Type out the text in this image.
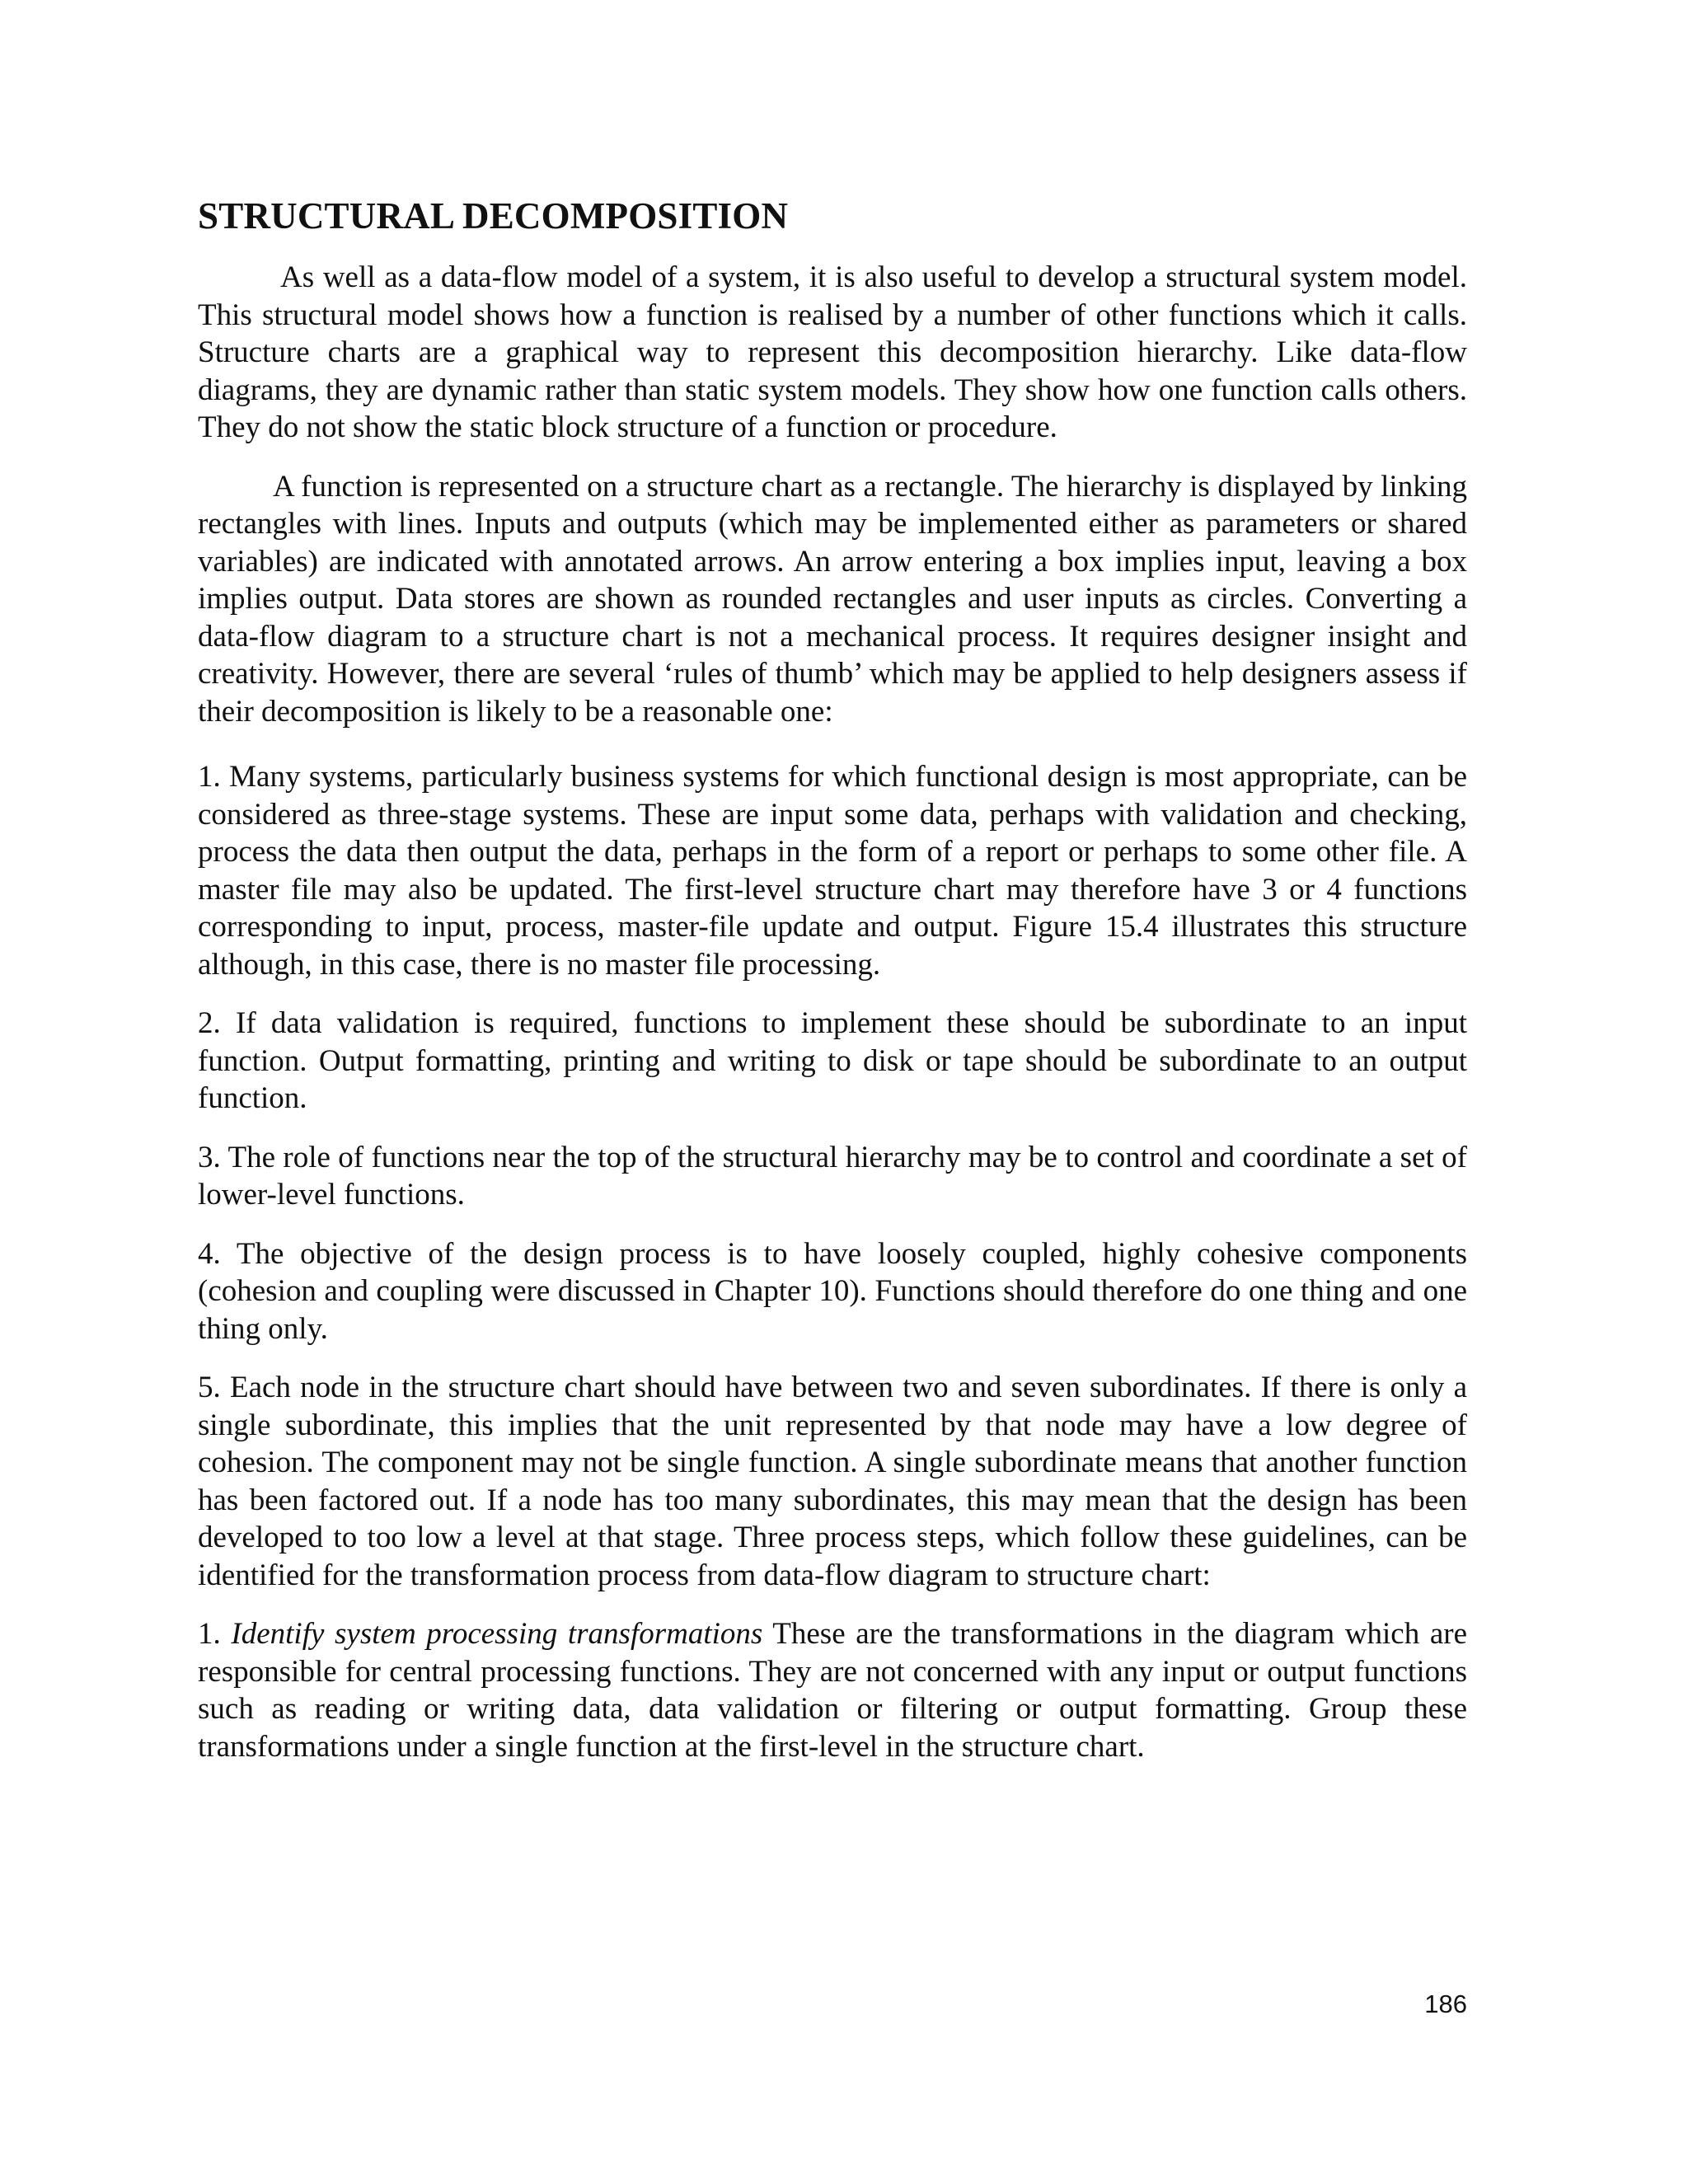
STRUCTURAL DECOMPOSITION

As well as a data-flow model of a system, it is also useful to develop a structural system model. This structural model shows how a function is realised by a number of other functions which it calls. Structure charts are a graphical way to represent this decomposition hierarchy. Like data-flow diagrams, they are dynamic rather than static system models. They show how one function calls others. They do not show the static block structure of a function or procedure.

A function is represented on a structure chart as a rectangle. The hierarchy is displayed by linking rectangles with lines. Inputs and outputs (which may be implemented either as parameters or shared variables) are indicated with annotated arrows. An arrow entering a box implies input, leaving a box implies output. Data stores are shown as rounded rectangles and user inputs as circles. Converting a data-flow diagram to a structure chart is not a mechanical process. It requires designer insight and creativity. However, there are several ‘rules of thumb’ which may be applied to help designers assess if their decomposition is likely to be a reasonable one:

1. Many systems, particularly business systems for which functional design is most appropriate, can be considered as three-stage systems. These are input some data, perhaps with validation and checking, process the data then output the data, perhaps in the form of a report or perhaps to some other file. A master file may also be updated. The first-level structure chart may therefore have 3 or 4 functions corresponding to input, process, master-file update and output. Figure 15.4 illustrates this structure although, in this case, there is no master file processing.

2. If data validation is required, functions to implement these should be subordinate to an input function. Output formatting, printing and writing to disk or tape should be subordinate to an output function.

3. The role of functions near the top of the structural hierarchy may be to control and coordinate a set of lower-level functions.

4. The objective of the design process is to have loosely coupled, highly cohesive components (cohesion and coupling were discussed in Chapter 10). Functions should therefore do one thing and one thing only.

5. Each node in the structure chart should have between two and seven subordinates. If there is only a single subordinate, this implies that the unit represented by that node may have a low degree of cohesion. The component may not be single function. A single subordinate means that another function has been factored out. If a node has too many subordinates, this may mean that the design has been developed to too low a level at that stage. Three process steps, which follow these guidelines, can be identified for the transformation process from data-flow diagram to structure chart:

1. Identify system processing transformations These are the transformations in the diagram which are responsible for central processing functions. They are not concerned with any input or output functions such as reading or writing data, data validation or filtering or output formatting. Group these transformations under a single function at the first-level in the structure chart.

186
